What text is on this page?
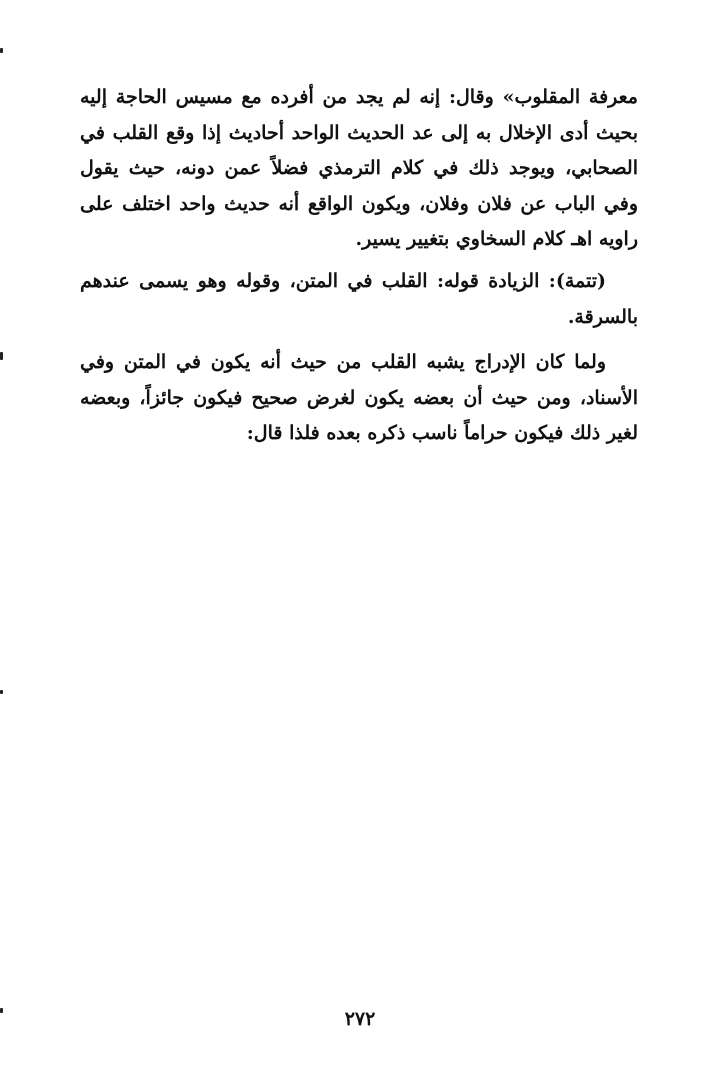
معرفة المقلوب» وقال: إنه لم يجد من أفرده مع مسيس الحاجة إليه بحيث أدى الإخلال به إلى عد الحديث الواحد أحاديث إذا وقع القلب في الصحابي، ويوجد ذلك في كلام الترمذي فضلاً عمن دونه، حيث يقول وفي الباب عن فلان وفلان، ويكون الواقع أنه حديث واحد اختلف على راويه اهـ كلام السخاوي بتغيير يسير.

(تتمة): الزيادة قوله: القلب في المتن، وقوله وهو يسمى عندهم بالسرقة.

ولما كان الإدراج يشبه القلب من حيث أنه يكون في المتن وفي الأسناد، ومن حيث أن بعضه يكون لغرض صحيح فيكون جائزاً، وبعضه لغير ذلك فيكون حراماً ناسب ذكره بعده فلذا قال:

٢٧٢
